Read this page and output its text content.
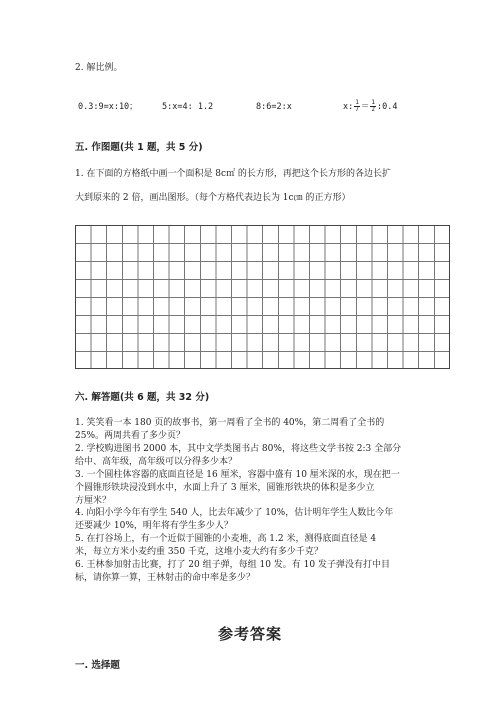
2. 解比例。
0.3:9=x:10；	5:x=4: 1.2	8:6=2:x	x: $\frac{1}{7} = \frac{1}{2}$ :0.4
五. 作图题(共 1 题，共 5 分)
1. 在下面的方格纸中画一个面积是 8c㎡ 的长方形，再把这个长方形的各边长扩
大到原来的 2 倍，画出图形。（每个方格代表边长为 1c㎝ 的正方形）
六. 解答题(共 6 题，共 32 分)
1. 笑笑看一本 180 页的故事书，第一周看了全书的 40%，第二周看了全书的
25%。两周共看了多少页？
2. 学校购进图书 2000 本，其中文学类图书占 80%，将这些文学书按 2:3 全部分
给中、高年级，高年级可以分得多少本？
3. 一个圆柱体容器的底面直径是 16 厘米，容器中盛有 10 厘米深的水，现在把一
个圆锥形铁块浸没到水中，水面上升了 3 厘米，圆锥形铁块的体积是多少立
方厘米？
4. 向阳小学今年有学生 540 人，比去年减少了 10%，估计明年学生人数比今年
还要减少 10%，明年将有学生多少人？
5. 在打谷场上，有一个近似于圆锥的小麦堆，高 1.2 米，测得底面直径是 4
米，每立方米小麦约重 350 千克，这堆小麦大约有多少千克？
6. 王林参加射击比赛，打了 20 组子弹，每组 10 发。有 10 发子弹没有打中目
标，请你算一算，王林射击的命中率是多少？
参考答案
一. 选择题
